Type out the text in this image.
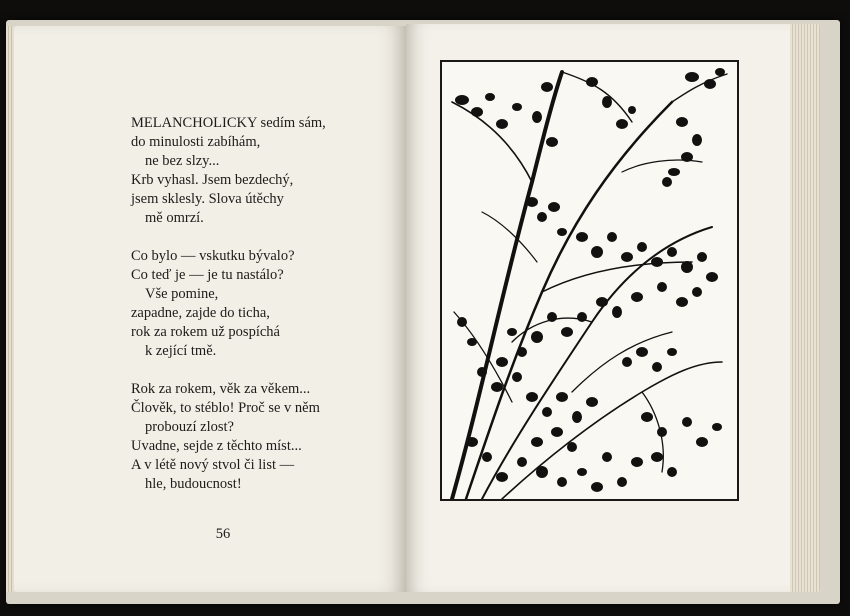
MELANCHOLICKY sedím sám,
do minulosti zabíhám,
ne bez slzy...
Krb vyhasl. Jsem bezdechý,
jsem sklesly. Slova útěchy
mě omrzí.
Co bylo — vskutku bývalo?
Co teď je — je tu nastálo?
Vše pomine,
zapadne, zajde do ticha,
rok za rokem už pospíchá
k zející tmě.
Rok za rokem, věk za věkem...
Člověk, to stéblo! Proč se v něm
probouzí zlost?
Uvadne, sejde z těchto míst...
A v létě nový stvol či list —
hle, budoucnost!
56
